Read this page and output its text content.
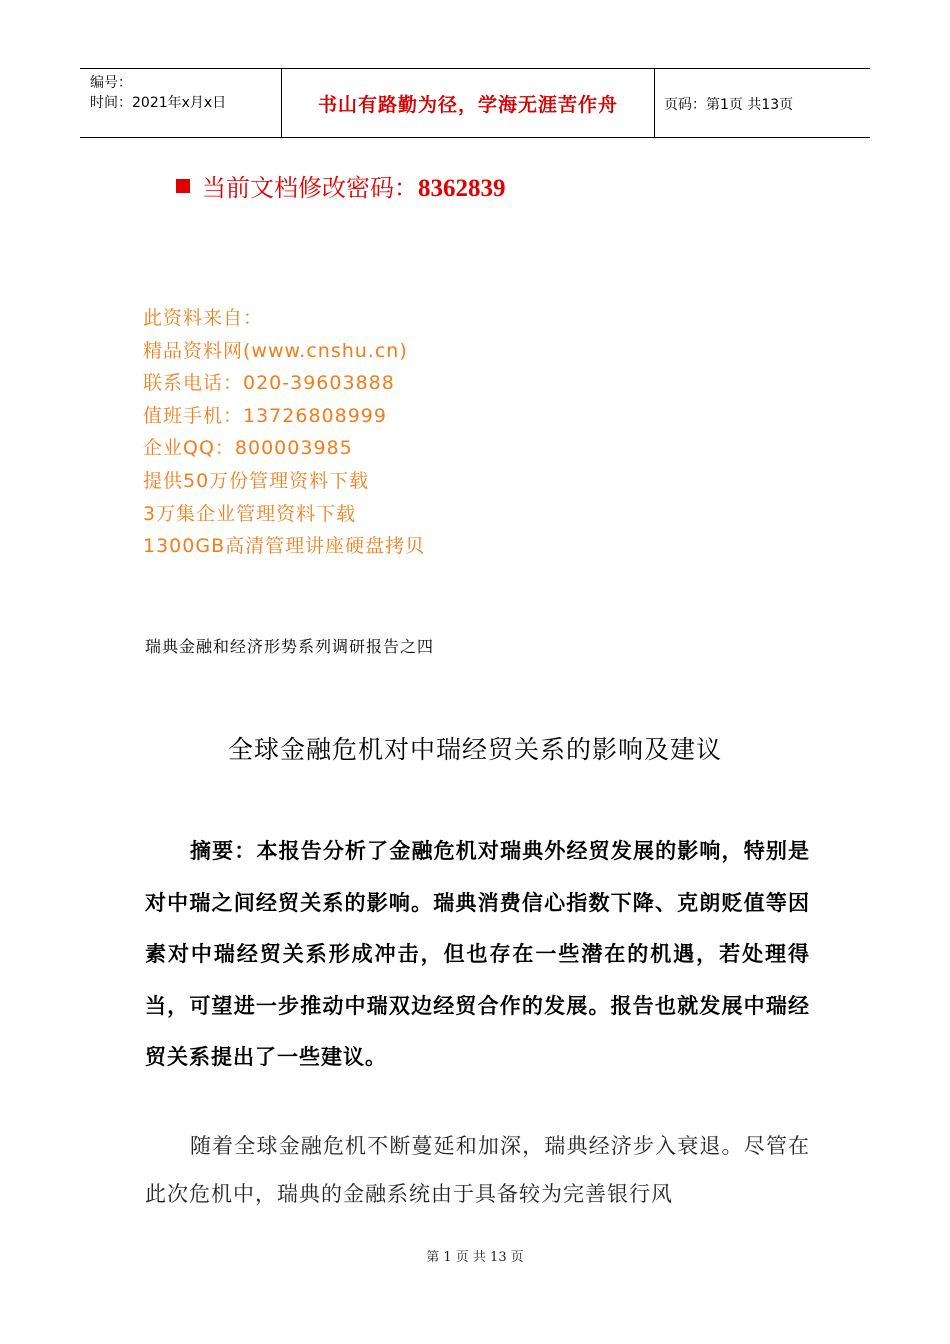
编号：
时间：2021年x月x日	书山有路勤为径，学海无涯苦作舟	页码：第1页 共13页
当前文档修改密码：8362839
此资料来自：
精品资料网(www.cnshu.cn)
联系电话：020-39603888
值班手机：13726808999
企业QQ：800003985
提供50万份管理资料下载
3万集企业管理资料下载
1300GB高清管理讲座硬盘拷贝
瑞典金融和经济形势系列调研报告之四
全球金融危机对中瑞经贸关系的影响及建议
摘要：本报告分析了金融危机对瑞典外经贸发展的影响，特别是对中瑞之间经贸关系的影响。瑞典消费信心指数下降、克朗贬值等因素对中瑞经贸关系形成冲击，但也存在一些潜在的机遇，若处理得当，可望进一步推动中瑞双边经贸合作的发展。报告也就发展中瑞经贸关系提出了一些建议。
随着全球金融危机不断蔓延和加深，瑞典经济步入衰退。尽管在此次危机中，瑞典的金融系统由于具备较为完善银行风
第 1 页 共 13 页
